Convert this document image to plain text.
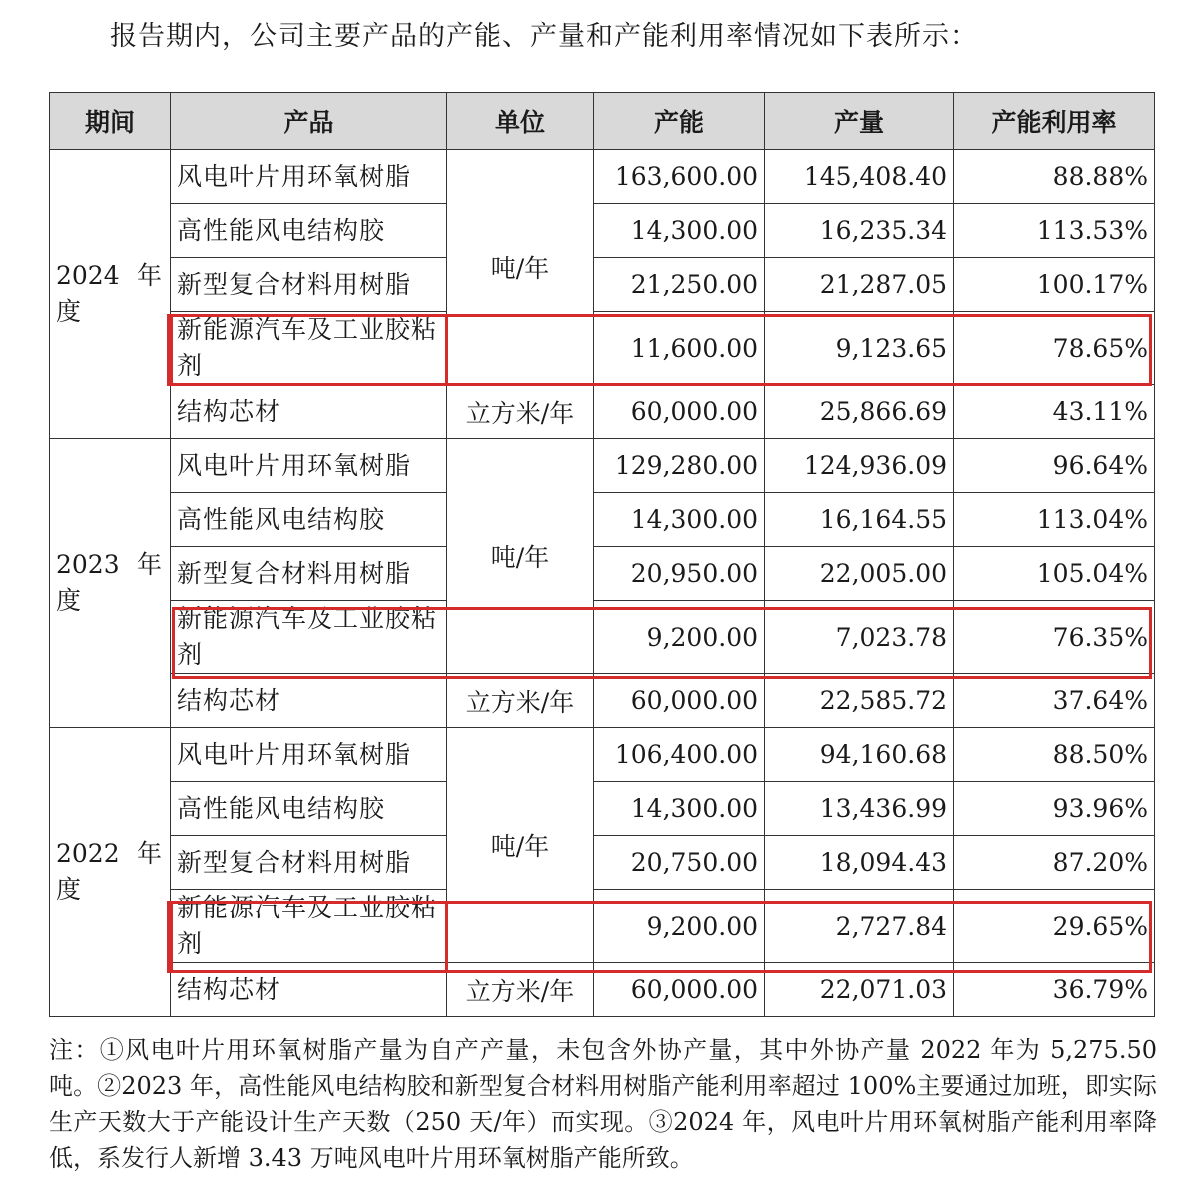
报告期内，公司主要产品的产能、产量和产能利用率情况如下表所示：
期间	产品	单位	产能	产量	产能利用率

2024 年
度	风电叶片用环氧树脂	吨/年	163,600.00	145,408.40	88.88%
	高性能风电结构胶		14,300.00	16,235.34	113.53%
	新型复合材料用树脂		21,250.00	21,287.05	100.17%
	新能源汽车及工业胶粘剂		11,600.00	9,123.65	78.65%
	结构芯材	立方米/年	60,000.00	25,866.69	43.11%

2023 年
度	风电叶片用环氧树脂	吨/年	129,280.00	124,936.09	96.64%
	高性能风电结构胶		14,300.00	16,164.55	113.04%
	新型复合材料用树脂		20,950.00	22,005.00	105.04%
	新能源汽车及工业胶粘剂		9,200.00	7,023.78	76.35%
	结构芯材	立方米/年	60,000.00	22,585.72	37.64%

2022 年
度	风电叶片用环氧树脂	吨/年	106,400.00	94,160.68	88.50%
	高性能风电结构胶		14,300.00	13,436.99	93.96%
	新型复合材料用树脂		20,750.00	18,094.43	87.20%
	新能源汽车及工业胶粘剂		9,200.00	2,727.84	29.65%
	结构芯材	立方米/年	60,000.00	22,071.03	36.79%

注：①风电叶片用环氧树脂产量为自产产量，未包含外协产量，其中外协产量 2022 年为 5,275.50 吨。②2023 年，高性能风电结构胶和新型复合材料用树脂产能利用率超过 100%主要通过加班，即实际生产天数大于产能设计生产天数（250 天/年）而实现。③2024 年，风电叶片用环氧树脂产能利用率降低，系发行人新增 3.43 万吨风电叶片用环氧树脂产能所致。
